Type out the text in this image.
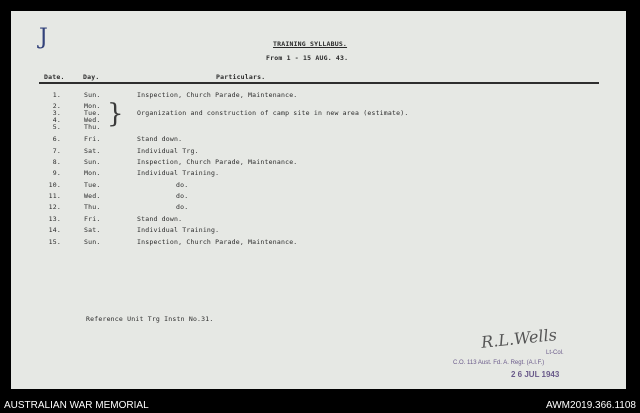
J	TRAINING SYLLABUS.
From 1 - 15 AUG. 43.
Date.	Day.	Particulars.
1.	Sun.	Inspection, Church Parade, Maintenance.
2.	Mon.
3.	Tue.	Organization and construction of camp site in new area (estimate).
4.	Wed.
5.	Thu.
6.	Fri.	Stand down.
7.	Sat.	Individual Trg.
8.	Sun.	Inspection, Church Parade, Maintenance.
9.	Mon.	Individual Training.
10.	Tue.	do.
11.	Wed.	do.
12.	Thu.	do.
13.	Fri.	Stand down.
14.	Sat.	Individual Training.
15.	Sun.	Inspection, Church Parade, Maintenance.
}
Reference Unit Trg Instn No.31.
R.L.Wells
Lt-Col.
C.O. 113 Aust. Fd. A. Regt. (A.I.F.)
2 6 JUL 1943
AUSTRALIAN WAR MEMORIAL	AWM2019.366.1108
